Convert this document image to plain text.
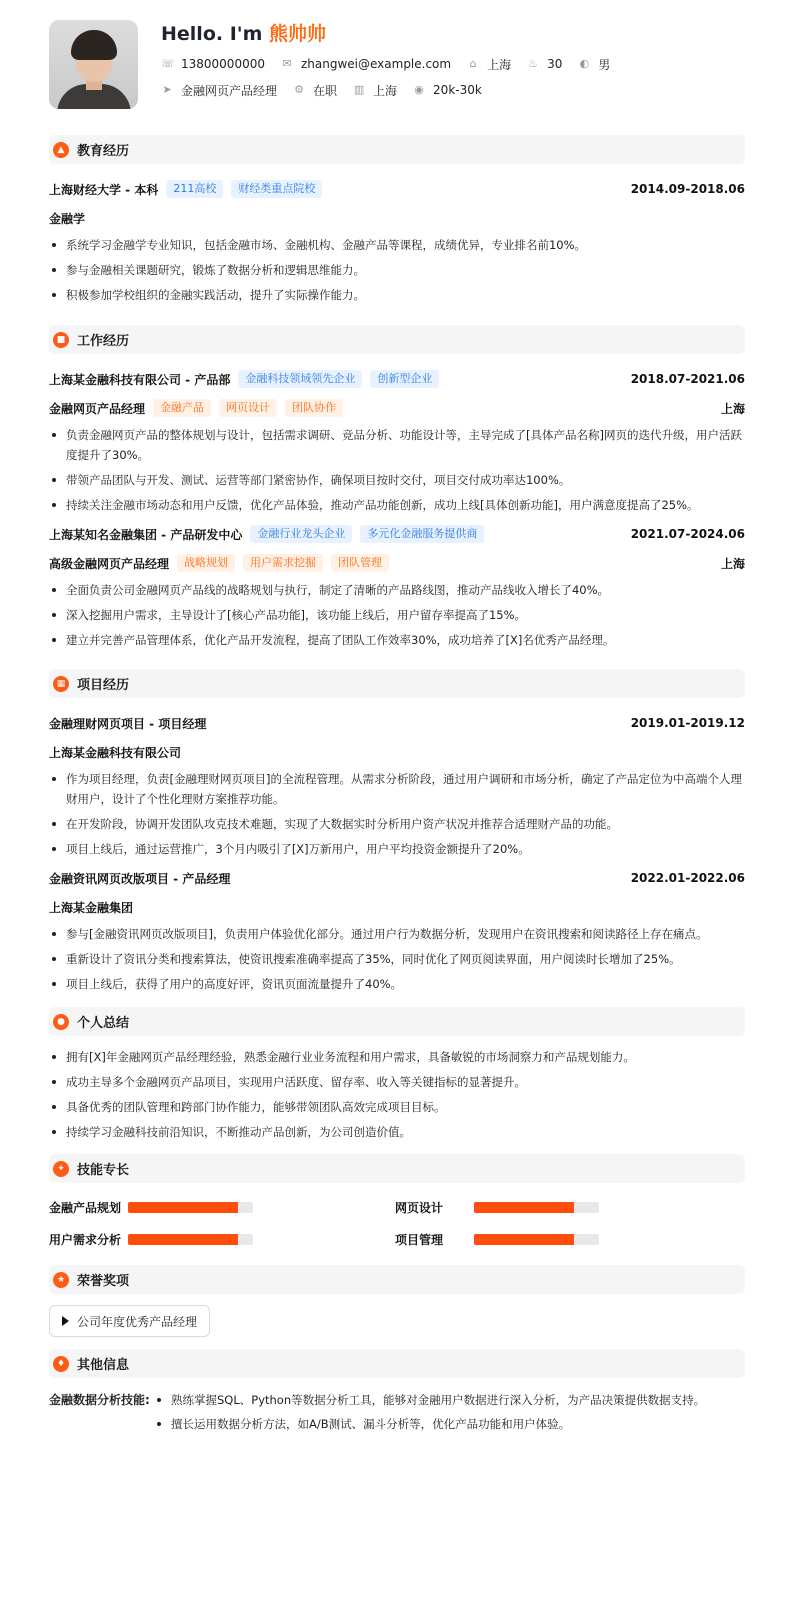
Hello. I'm 熊帅帅
☏ 13800000000 ✉ zhangwei@example.com ⌂ 上海 ♨ 30 ◐ 男
➤ 金融网页产品经理 ⚙ 在职 ▥ 上海 ◉ 20k-30k
▲ 教育经历
上海财经大学 - 本科	211高校	财经类重点院校	2014.09-2018.06
金融学
系统学习金融学专业知识，包括金融市场、金融机构、金融产品等课程，成绩优异，专业排名前10%。
参与金融相关课题研究，锻炼了数据分析和逻辑思维能力。
积极参加学校组织的金融实践活动，提升了实际操作能力。
■ 工作经历
上海某金融科技有限公司 - 产品部	金融科技领域领先企业	创新型企业	2018.07-2021.06
金融网页产品经理	金融产品	网页设计	团队协作	上海
负责金融网页产品的整体规划与设计，包括需求调研、竞品分析、功能设计等，主导完成了[具体产品名称]网页的迭代升级，用户活跃度提升了30%。
带领产品团队与开发、测试、运营等部门紧密协作，确保项目按时交付，项目交付成功率达100%。
持续关注金融市场动态和用户反馈，优化产品体验，推动产品功能创新，成功上线[具体创新功能]，用户满意度提高了25%。
上海某知名金融集团 - 产品研发中心	金融行业龙头企业	多元化金融服务提供商	2021.07-2024.06
高级金融网页产品经理	战略规划	用户需求挖掘	团队管理	上海
全面负责公司金融网页产品线的战略规划与执行，制定了清晰的产品路线图，推动产品线收入增长了40%。
深入挖掘用户需求，主导设计了[核心产品功能]，该功能上线后，用户留存率提高了15%。
建立并完善产品管理体系，优化产品开发流程，提高了团队工作效率30%，成功培养了[X]名优秀产品经理。
▦ 项目经历
金融理财网页项目 - 项目经理	2019.01-2019.12
上海某金融科技有限公司
作为项目经理，负责[金融理财网页项目]的全流程管理。从需求分析阶段，通过用户调研和市场分析，确定了产品定位为中高端个人理财用户，设计了个性化理财方案推荐功能。
在开发阶段，协调开发团队攻克技术难题，实现了大数据实时分析用户资产状况并推荐合适理财产品的功能。
项目上线后，通过运营推广，3个月内吸引了[X]万新用户，用户平均投资金额提升了20%。
金融资讯网页改版项目 - 产品经理	2022.01-2022.06
上海某金融集团
参与[金融资讯网页改版项目]，负责用户体验优化部分。通过用户行为数据分析，发现用户在资讯搜索和阅读路径上存在痛点。
重新设计了资讯分类和搜索算法，使资讯搜索准确率提高了35%，同时优化了网页阅读界面，用户阅读时长增加了25%。
项目上线后，获得了用户的高度好评，资讯页面流量提升了40%。
● 个人总结
拥有[X]年金融网页产品经理经验，熟悉金融行业业务流程和用户需求，具备敏锐的市场洞察力和产品规划能力。
成功主导多个金融网页产品项目，实现用户活跃度、留存率、收入等关键指标的显著提升。
具备优秀的团队管理和跨部门协作能力，能够带领团队高效完成项目目标。
持续学习金融科技前沿知识，不断推动产品创新，为公司创造价值。
✦ 技能专长
金融产品规划	网页设计
用户需求分析	项目管理
★ 荣誉奖项
公司年度优秀产品经理
♦ 其他信息
金融数据分析技能:	熟练掌握SQL、Python等数据分析工具，能够对金融用户数据进行深入分析，为产品决策提供数据支持。
擅长运用数据分析方法，如A/B测试、漏斗分析等，优化产品功能和用户体验。
